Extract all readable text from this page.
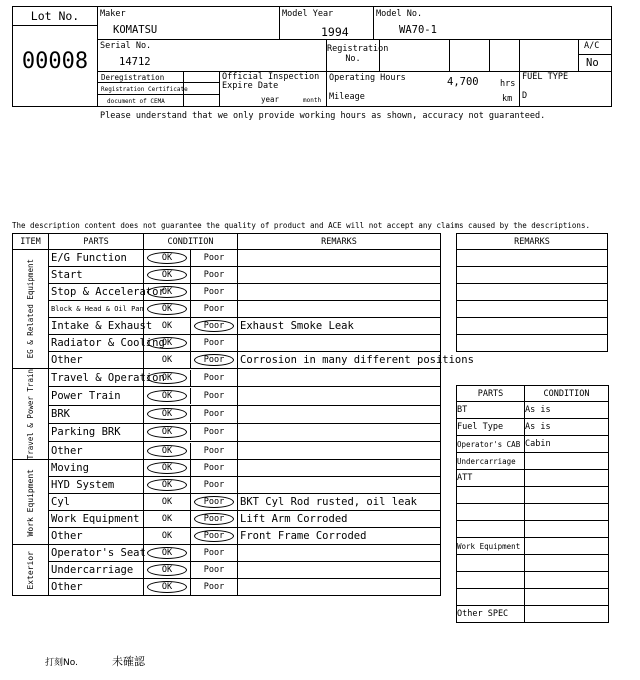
Lot No.
00008
Maker
KOMATSU
Model Year
1994
Model No.
WA70-1
Serial No.
14712
Registration No.
A/C
No
Deregistration
Registration Certificate
document of CEMA
Official Inspection Expire Date
year	month
Operating Hours	4,700	hrs
Mileage	km
FUEL TYPE
D
Please understand that we only provide working hours as shown, accuracy not guaranteed.
The description content does not guarantee the quality of product and ACE will not accept any claims caused by the descriptions.
ITEM	PARTS	CONDITION	REMARKS

EG & Related Equipment	E/G Function	OK Poor	

	Start	OK Poor	

	Stop & Accelerator	OK Poor	

	Block & Head & Oil Pan	OK Poor	

	Intake & Exhaust	OK Poor	Exhaust Smoke Leak
	Radiator & Cooling	OK Poor	

	Other	OK Poor	Corrosion in many different positions

Travel & Power Train	Travel & Operation	OK Poor	

	Power Train	OK Poor	

	BRK	OK Poor	

	Parking BRK	OK Poor	

	Other	OK Poor	

Work Equipment	Moving	OK Poor	

	HYD System	OK Poor	

	Cyl	OK Poor	BKT Cyl Rod rusted, oil leak
	Work Equipment	OK Poor	Lift Arm Corroded
	Other	OK Poor	Front Frame Corroded

Exterior	Operator's Seat	OK Poor	

	Undercarriage	OK Poor	

	Other	OK Poor	

REMARKS

PARTS	CONDITION
BT	As is
Fuel Type	As is
Operator's CAB	Cabin
Undercarriage	
ATT	

Work Equipment	

Other SPEC	
打刻No.	未確認
